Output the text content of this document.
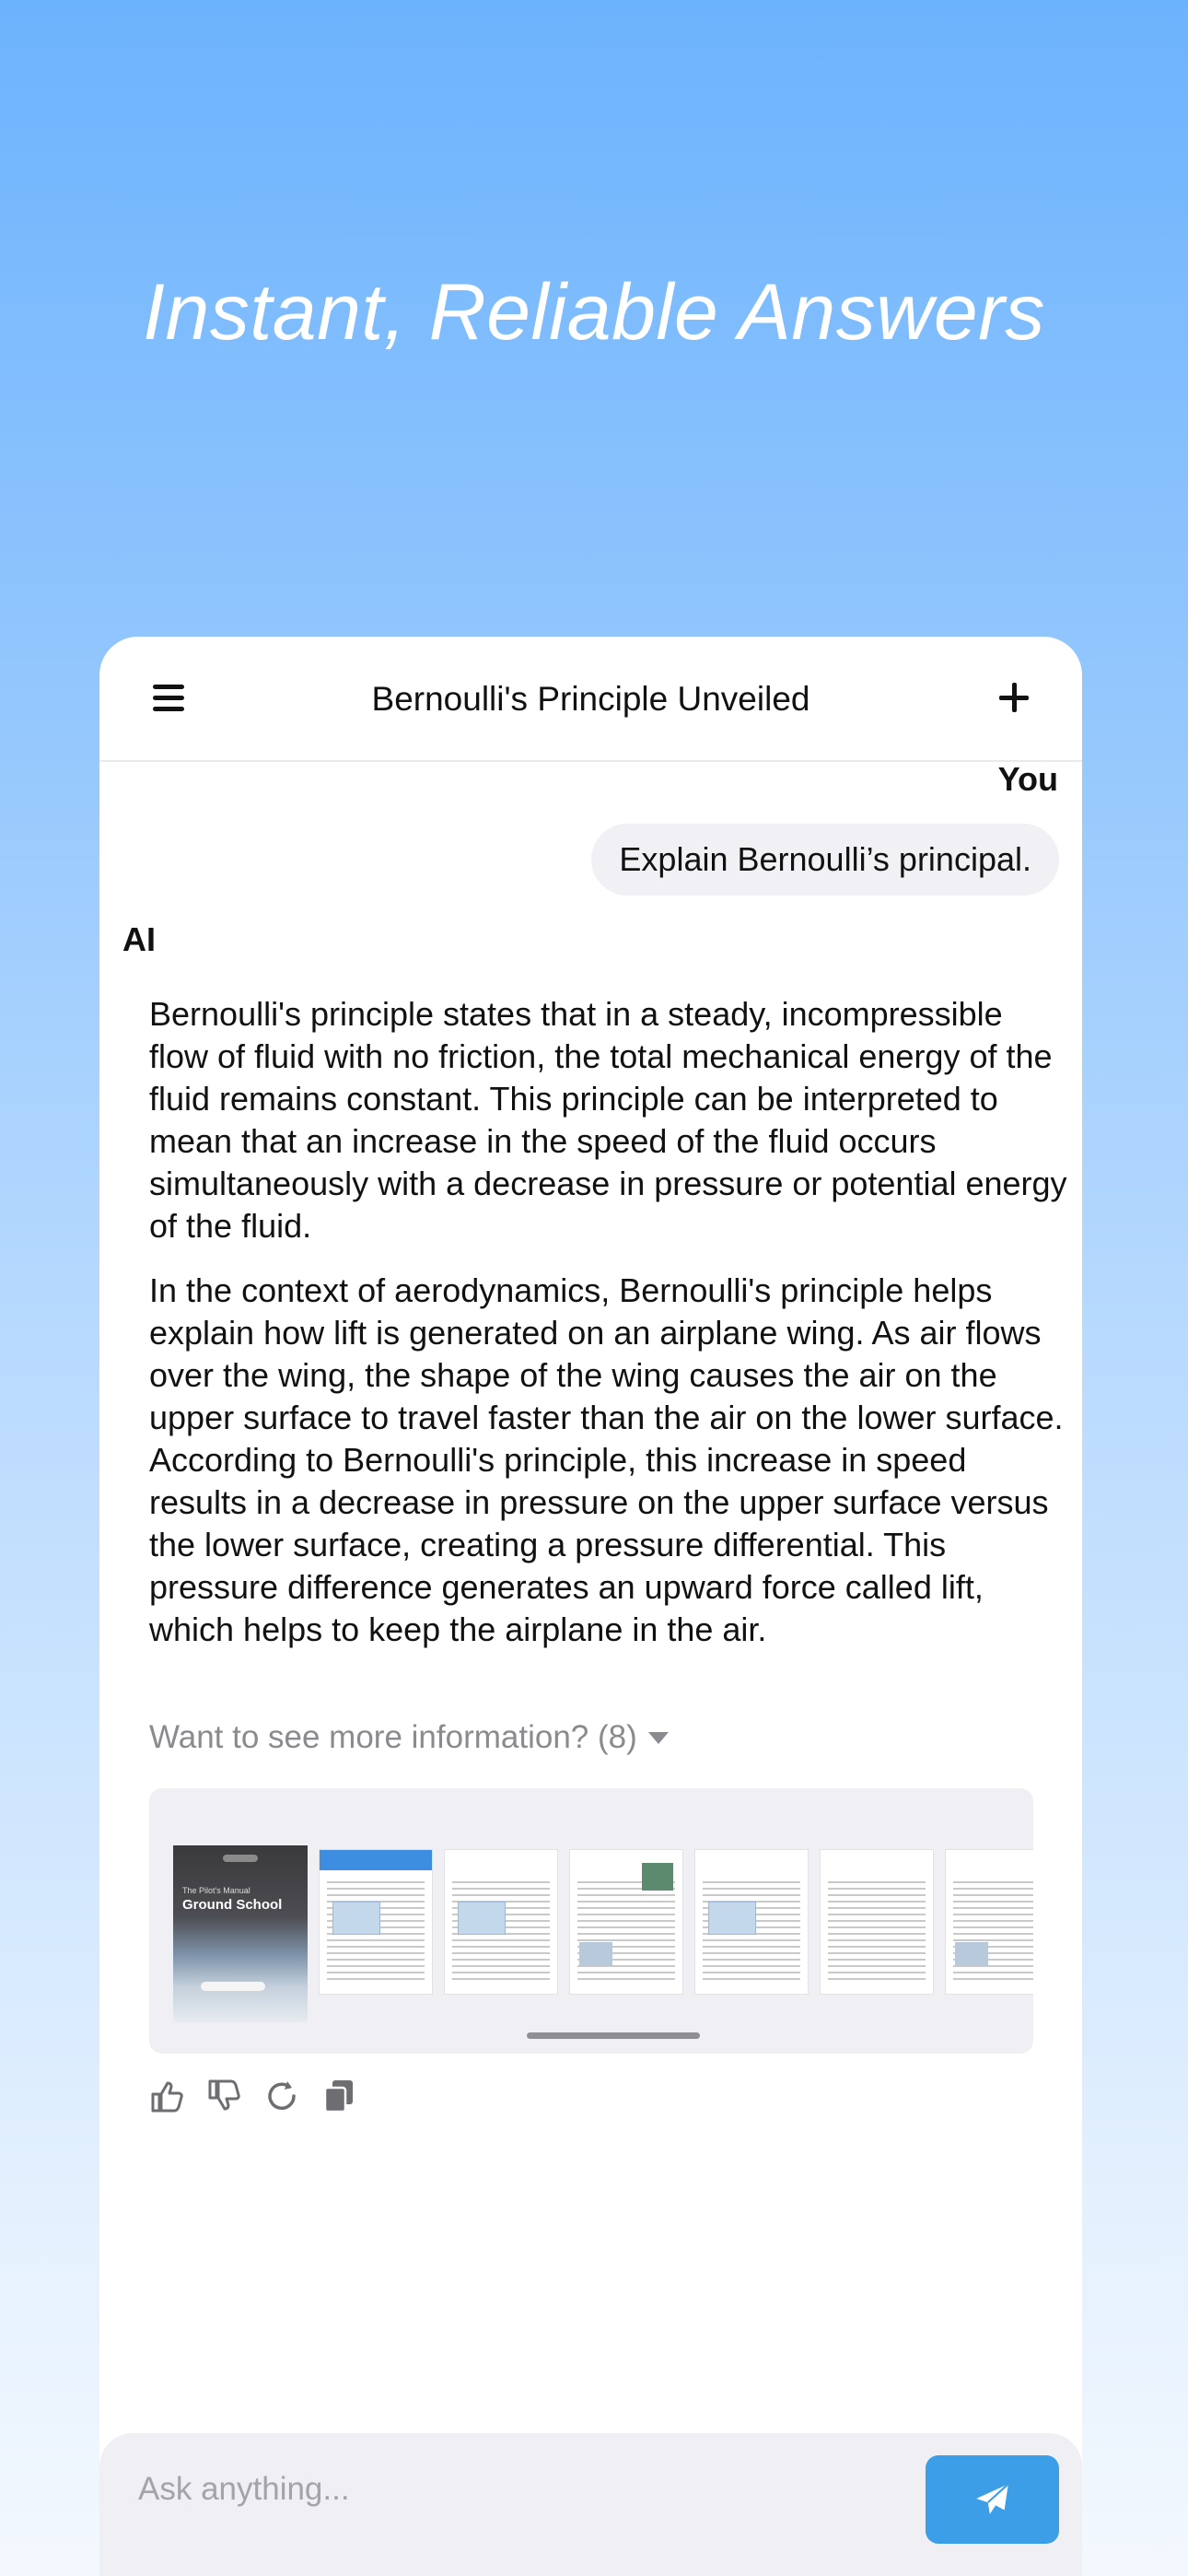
Instant, Reliable Answers
Bernoulli's Principle Unveiled
You
Explain Bernoulli’s principal.
AI

Bernoulli's principle states that in a steady, incompressible flow of fluid with no friction, the total mechanical energy of the fluid remains constant. This principle can be interpreted to mean that an increase in the speed of the fluid occurs simultaneously with a decrease in pressure or potential energy of the fluid.

In the context of aerodynamics, Bernoulli's principle helps explain how lift is generated on an airplane wing. As air flows over the wing, the shape of the wing causes the air on the upper surface to travel faster than the air on the lower surface. According to Bernoulli's principle, this increase in speed results in a decrease in pressure on the upper surface versus the lower surface, creating a pressure differential. This pressure difference generates an upward force called lift, which helps to keep the airplane in the air.

Want to see more information? (8)
The Pilot's Manual
Ground School
Ask anything...
